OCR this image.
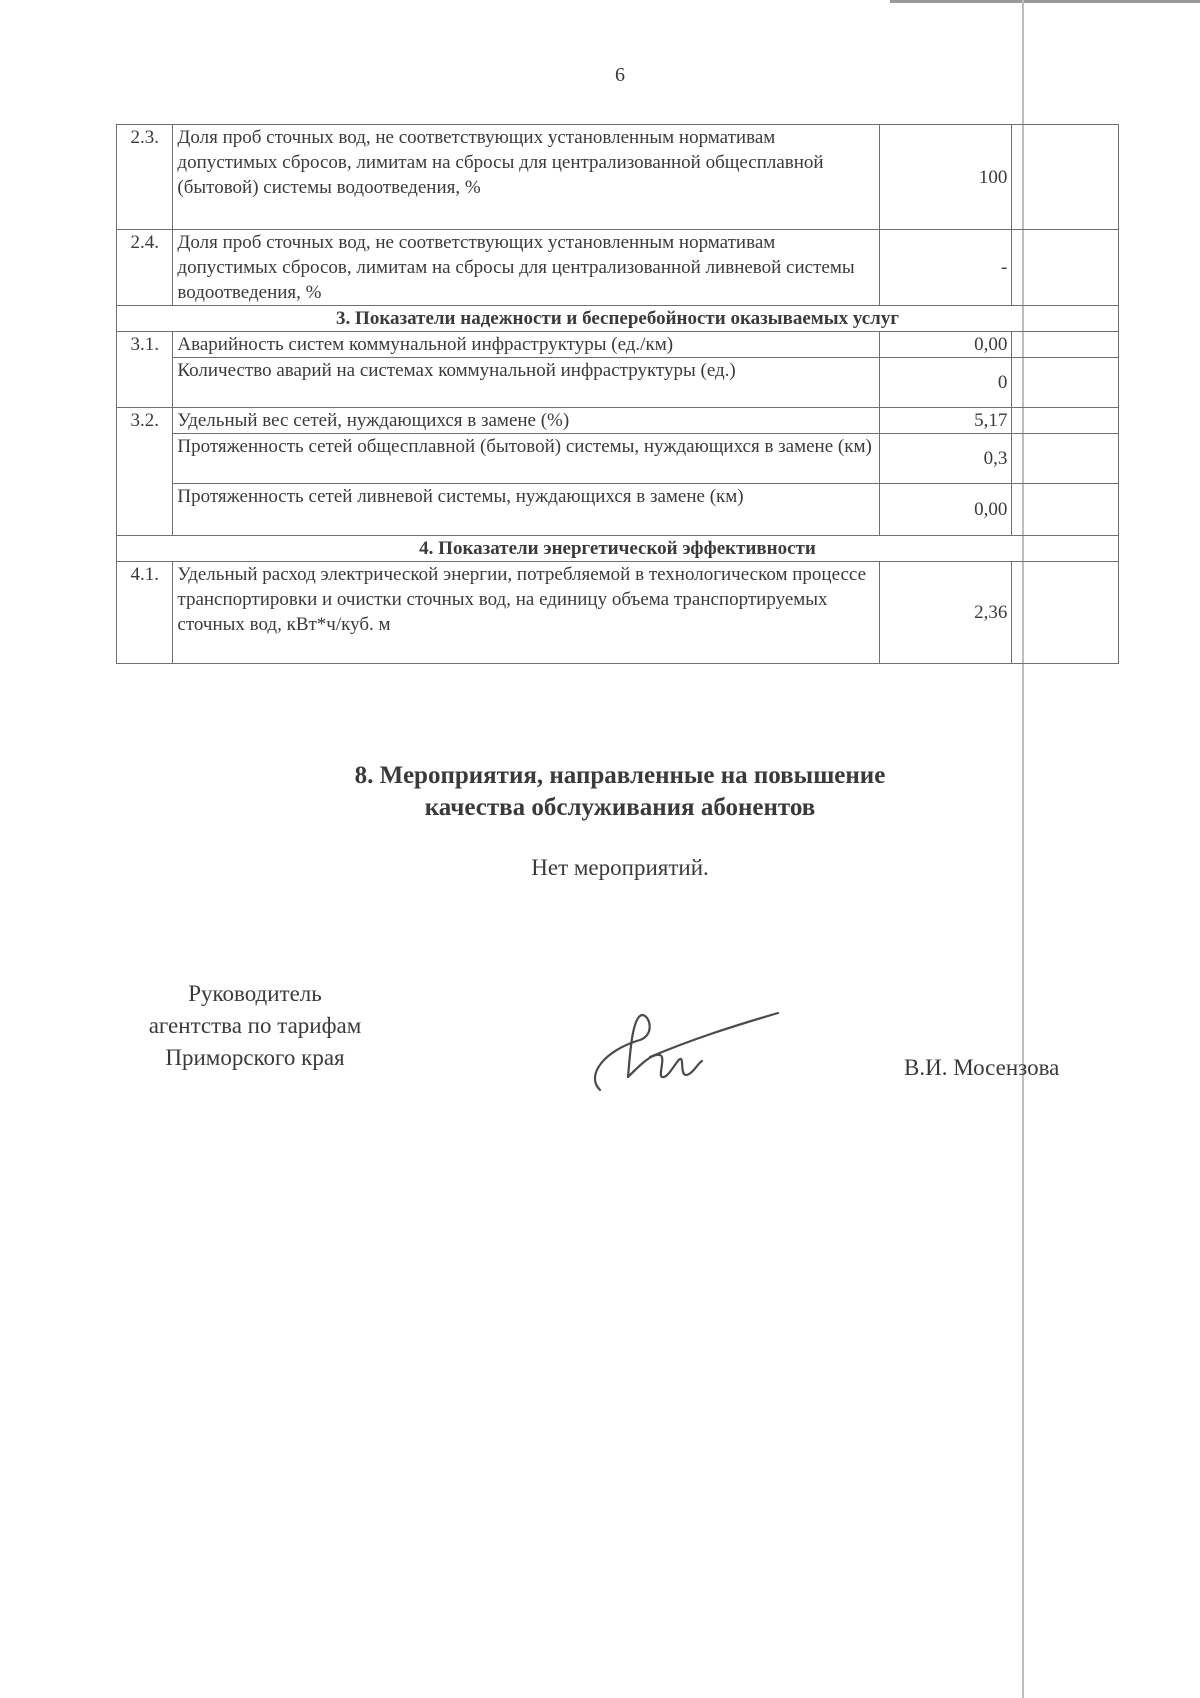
6
2.3.	Доля проб сточных вод, не соответствующих установленным нормативам допустимых сбросов, лимитам на сбросы для централизованной общесплавной (бытовой) системы водоотведения, %	100	
2.4.	Доля проб сточных вод, не соответствующих установленным нормативам допустимых сбросов, лимитам на сбросы для централизованной ливневой системы водоотведения, %	-	
3. Показатели надежности и бесперебойности оказываемых услуг			
3.1.	Аварийность систем коммунальной инфраструктуры (ед./км)	0,00	
	Количество аварий на системах коммунальной инфраструктуры (ед.)	0	
3.2.	Удельный вес сетей, нуждающихся в замене (%)	5,17	
	Протяженность сетей общесплавной (бытовой) системы, нуждающихся в замене (км)	0,3	
	Протяженность сетей ливневой системы, нуждающихся в замене (км)	0,00	
4. Показатели энергетической эффективности			
4.1.	Удельный расход электрической энергии, потребляемой в технологическом процессе транспортировки и очистки сточных вод, на единицу объема транспортируемых сточных вод, кВт*ч/куб. м	2,36	
8. Мероприятия, направленные на повышение качества обслуживания абонентов
Нет мероприятий.
Руководитель
агентства по тарифам
Приморского края	В.И. Мосензова
